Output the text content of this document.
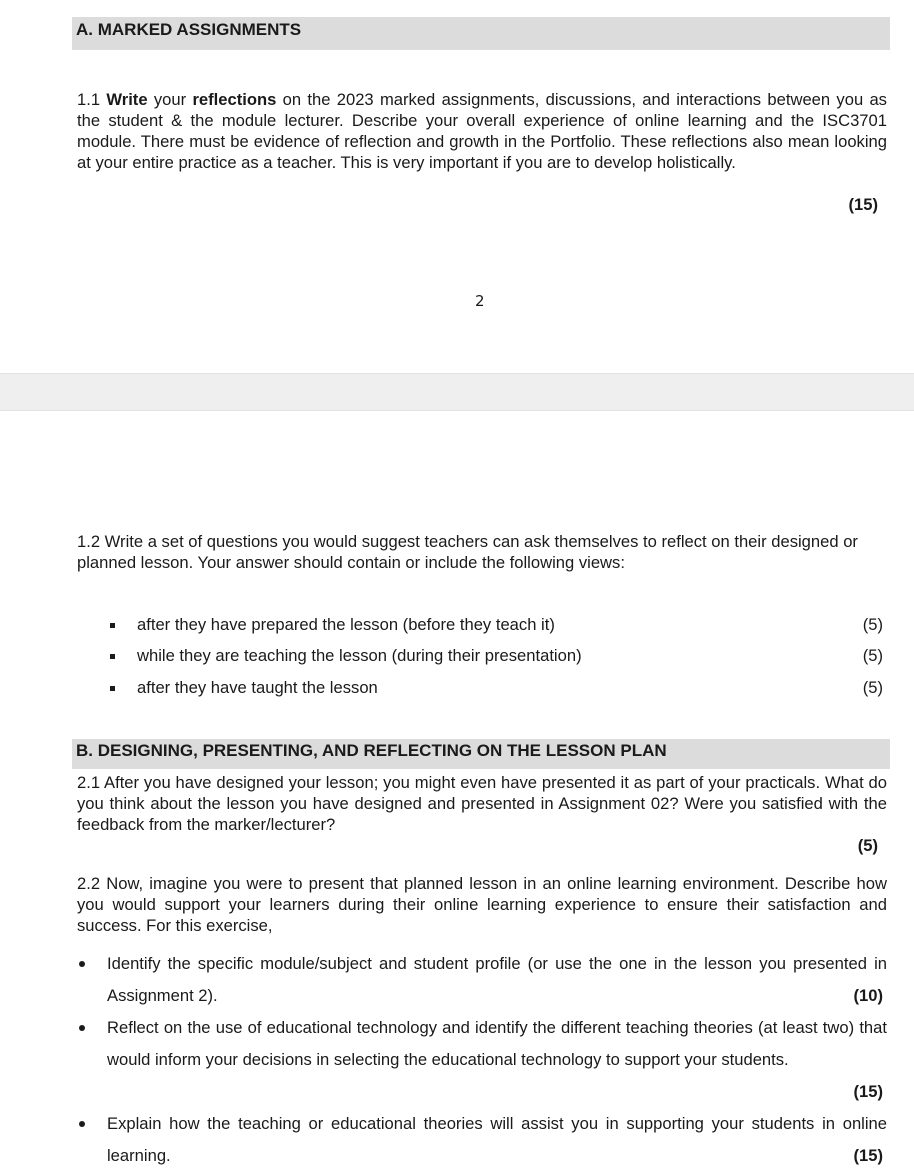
A. MARKED ASSIGNMENTS
1.1 Write your reflections on the 2023 marked assignments, discussions, and interactions between you as the student & the module lecturer. Describe your overall experience of online learning and the ISC3701 module. There must be evidence of reflection and growth in the Portfolio. These reflections also mean looking at your entire practice as a teacher. This is very important if you are to develop holistically.
(15)
2
1.2 Write a set of questions you would suggest teachers can ask themselves to reflect on their designed or planned lesson. Your answer should contain or include the following views:
after they have prepared the lesson (before they teach it)	(5)
while they are teaching the lesson (during their presentation)	(5)
after they have taught the lesson	(5)
B. DESIGNING, PRESENTING, AND REFLECTING ON THE LESSON PLAN
2.1 After you have designed your lesson; you might even have presented it as part of your practicals. What do you think about the lesson you have designed and presented in Assignment 02? Were you satisfied with the feedback from the marker/lecturer?
(5)
2.2 Now, imagine you were to present that planned lesson in an online learning environment. Describe how you would support your learners during their online learning experience to ensure their satisfaction and success. For this exercise,
Identify the specific module/subject and student profile (or use the one in the lesson you presented in Assignment 2).	(10)
Reflect on the use of educational technology and identify the different teaching theories (at least two) that would inform your decisions in selecting the educational technology to support your students.
(15)
Explain how the teaching or educational theories will assist you in supporting your students in online learning.	(15)
